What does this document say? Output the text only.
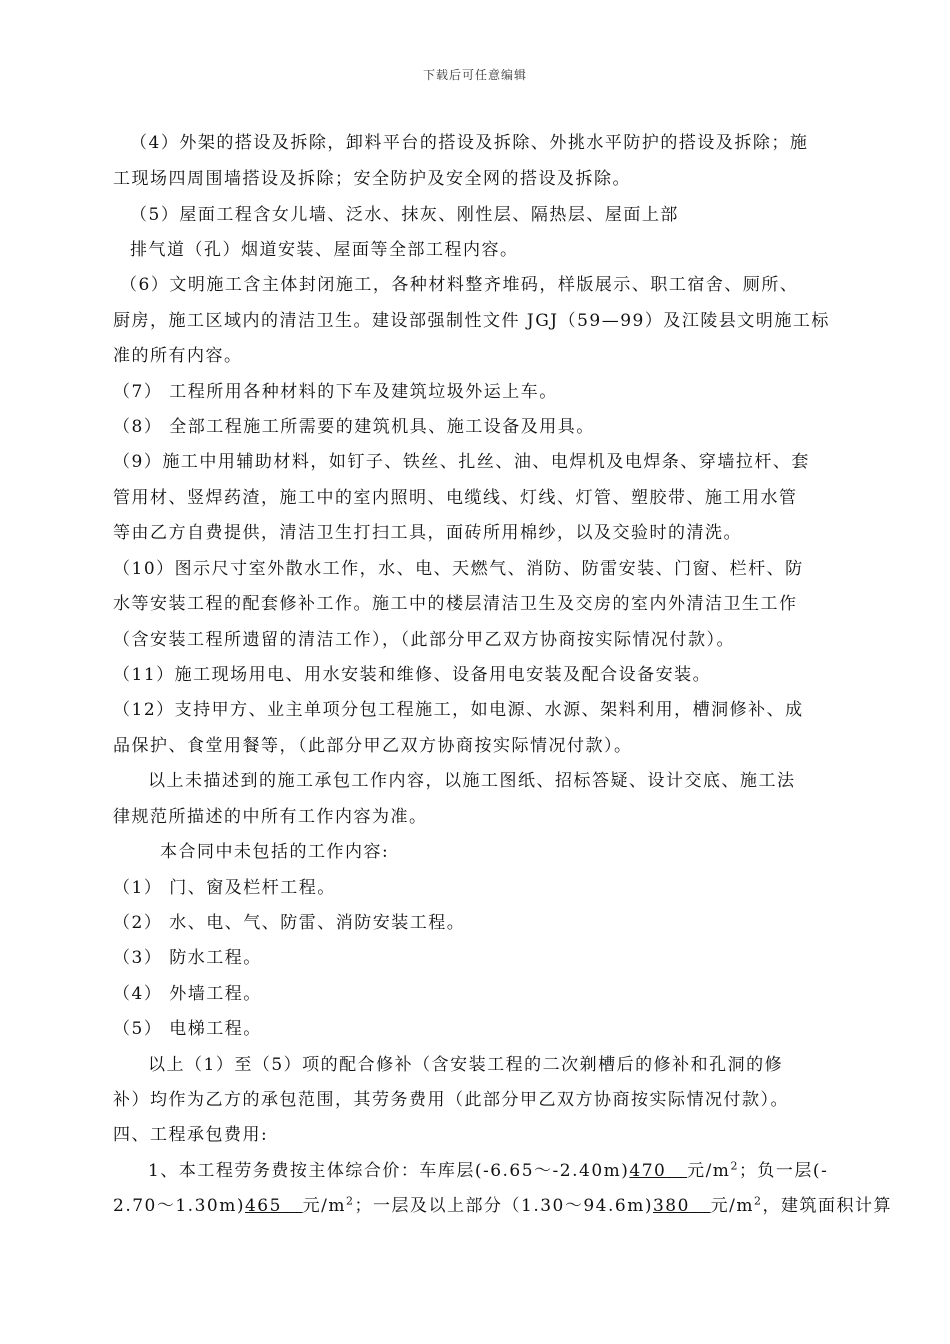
下载后可任意编辑
（4）外架的搭设及拆除，卸料平台的搭设及拆除、外挑水平防护的搭设及拆除；施
工现场四周围墙搭设及拆除；安全防护及安全网的搭设及拆除。
（5）屋面工程含女儿墙、泛水、抹灰、刚性层、隔热层、屋面上部
排气道（孔）烟道安装、屋面等全部工程内容。
（6）文明施工含主体封闭施工，各种材料整齐堆码，样版展示、职工宿舍、厕所、
厨房，施工区域内的清洁卫生。建设部强制性文件 JGJ（59—99）及江陵县文明施工标
准的所有内容。
（7） 工程所用各种材料的下车及建筑垃圾外运上车。
（8） 全部工程施工所需要的建筑机具、施工设备及用具。
（9）施工中用辅助材料，如钉子、铁丝、扎丝、油、电焊机及电焊条、穿墙拉杆、套
管用材、竖焊药渣，施工中的室内照明、电缆线、灯线、灯管、塑胶带、施工用水管
等由乙方自费提供，清洁卫生打扫工具，面砖所用棉纱，以及交验时的清洗。
（10）图示尺寸室外散水工作，水、电、天燃气、消防、防雷安装、门窗、栏杆、防
水等安装工程的配套修补工作。施工中的楼层清洁卫生及交房的室内外清洁卫生工作
（含安装工程所遗留的清洁工作），（此部分甲乙双方协商按实际情况付款）。
（11）施工现场用电、用水安装和维修、设备用电安装及配合设备安装。
（12）支持甲方、业主单项分包工程施工，如电源、水源、架料利用，槽洞修补、成
品保护、食堂用餐等，（此部分甲乙双方协商按实际情况付款）。
以上未描述到的施工承包工作内容，以施工图纸、招标答疑、设计交底、施工法
律规范所描述的中所有工作内容为准。
本合同中未包括的工作内容:
（1） 门、窗及栏杆工程。
（2） 水、电、气、防雷、消防安装工程。
（3） 防水工程。
（4） 外墙工程。
（5） 电梯工程。
以上（1）至（5）项的配合修补（含安装工程的二次剃槽后的修补和孔洞的修
补）均作为乙方的承包范围，其劳务费用（此部分甲乙双方协商按实际情况付款）。
四、工程承包费用:
1、本工程劳务费按主体综合价：车库层(-6.65～-2.40m)470 元$/m^2$；负一层(-
2.70～1.30m)465 元$/m^2$；一层及以上部分（1.30～94.6m)380 元$/m^2$，建筑面积计算
